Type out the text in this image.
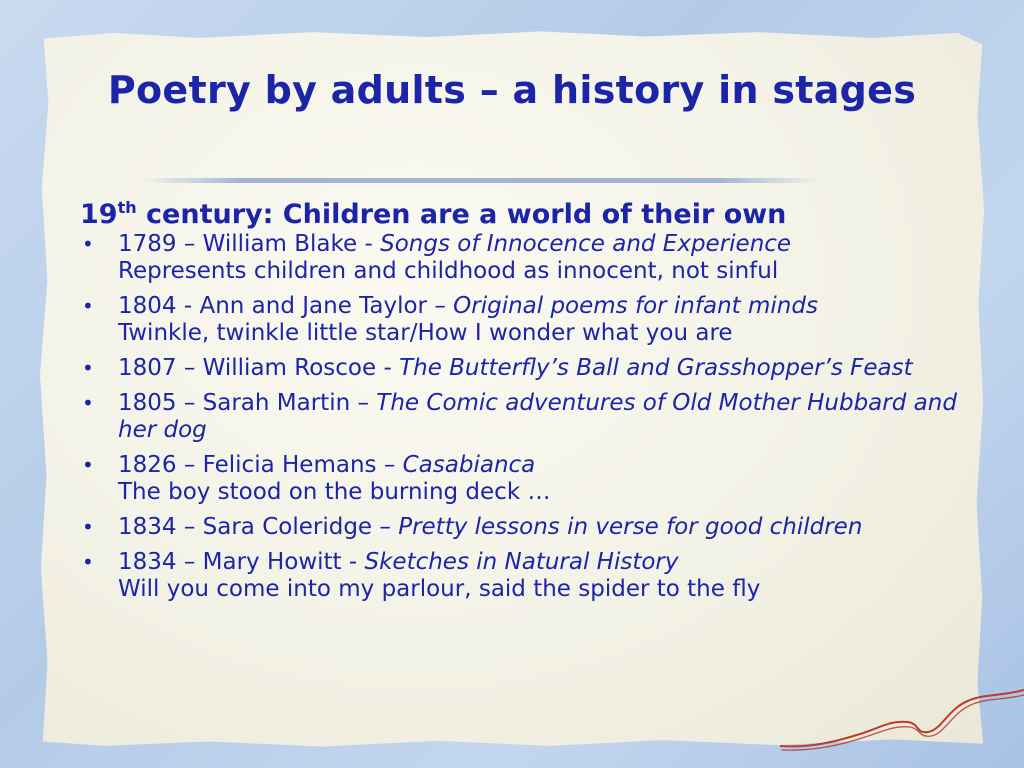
Poetry by adults – a history in stages
19th century: Children are a world of their own
• 1789 – William Blake - Songs of Innocence and Experience
Represents children and childhood as innocent, not sinful
• 1804 - Ann and Jane Taylor – Original poems for infant minds
Twinkle, twinkle little star/How I wonder what you are
• 1807 – William Roscoe - The Butterfly’s Ball and Grasshopper’s Feast
• 1805 – Sarah Martin – The Comic adventures of Old Mother Hubbard and her dog
• 1826 – Felicia Hemans – Casabianca
The boy stood on the burning deck …
• 1834 – Sara Coleridge – Pretty lessons in verse for good children
• 1834 – Mary Howitt - Sketches in Natural History
Will you come into my parlour, said the spider to the fly
